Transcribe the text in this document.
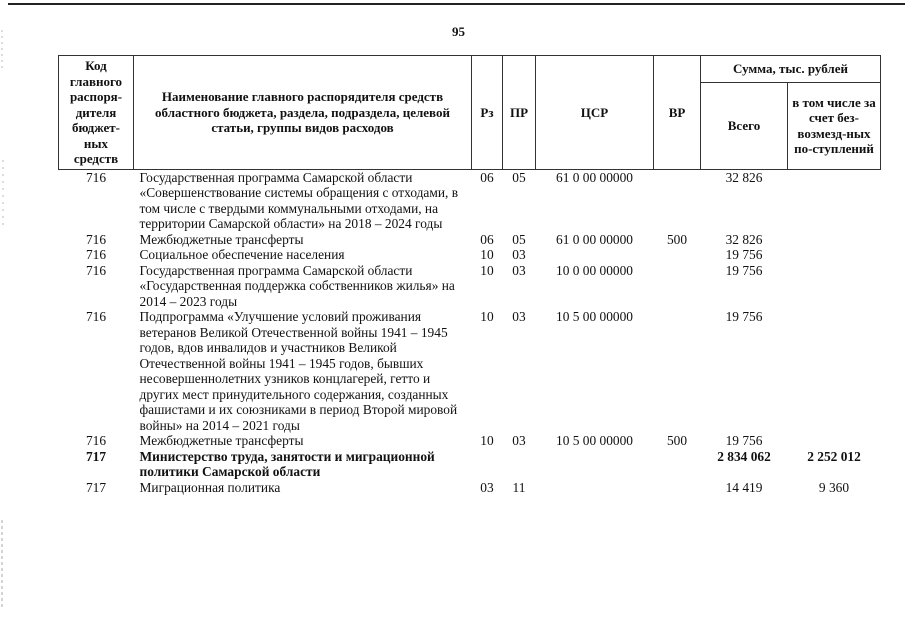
95
Код главного распоря-дителя бюджет-ных средств	Наименование главного распорядителя средств областного бюджета, раздела, подраздела, целевой статьи, группы видов расходов	Рз	ПР	ЦСР	ВР	Сумма, тыс. рублей	
						Всего	в том числе за счет без-возмезд-ных по-ступлений
716	Государственная программа Самарской области «Совершенствование системы обращения с отходами, в том числе с твердыми коммунальными отходами, на территории Самарской области» на 2018 – 2024 годы	06	05	61 0 00 00000		32 826	
716	Межбюджетные трансферты	06	05	61 0 00 00000	500	32 826	
716	Социальное обеспечение населения	10	03			19 756	
716	Государственная программа Самарской области «Государственная поддержка собственников жилья» на 2014 – 2023 годы	10	03	10 0 00 00000		19 756	
716	Подпрограмма «Улучшение условий проживания ветеранов Великой Отечественной войны 1941 – 1945 годов, вдов инвалидов и участников Великой Отечественной войны 1941 – 1945 годов, бывших несовершеннолетних узников концлагерей, гетто и других мест принудительного содержания, созданных фашистами и их союзниками в период Второй мировой войны» на 2014 – 2021 годы	10	03	10 5 00 00000		19 756	
716	Межбюджетные трансферты	10	03	10 5 00 00000	500	19 756	
717	Министерство труда, занятости и миграционной политики Самарской области					2 834 062	2 252 012
717	Миграционная политика	03	11			14 419	9 360
